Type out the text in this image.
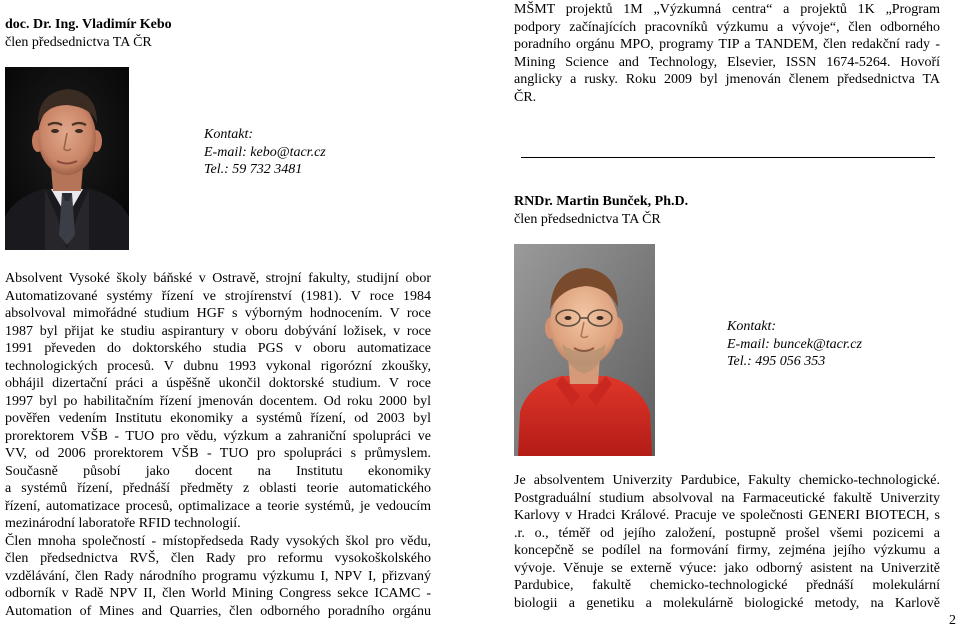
doc. Dr. Ing. Vladimír Kebo
člen předsednictva TA ČR
Kontakt:
E-mail: kebo@tacr.cz
Tel.: 59 732 3481
Absolvent Vysoké školy báňské v Ostravě, strojní fakulty, studijní obor
Automatizované systémy řízení ve strojírenství (1981). V roce 1984
absolvoval mimořádné studium HGF s výborným hodnocením. V roce
1987 byl přijat ke studiu aspirantury v oboru dobývání ložisek, v roce
1991 převeden do doktorského studia PGS v oboru automatizace
technologických procesů. V dubnu 1993 vykonal rigorózní zkoušky,
obhájil dizertační práci a úspěšně ukončil doktorské studium. V roce
1997 byl po habilitačním řízení jmenován docentem. Od roku 2000 byl
pověřen vedením Institutu ekonomiky a systémů řízení, od 2003 byl
prorektorem VŠB - TUO pro vědu, výzkum a zahraniční spolupráci ve
VV, od 2006 prorektorem VŠB - TUO pro spolupráci s průmyslem.
Současně působí jako docent na Institutu ekonomiky
a systémů řízení, přednáší předměty z oblasti teorie automatického
řízení, automatizace procesů, optimalizace a teorie systémů, je vedoucím
mezinárodní laboratoře RFID technologií.
Člen mnoha společností - místopředseda Rady vysokých škol pro vědu,
člen předsednictva RVŠ, člen Rady pro reformu vysokoškolského
vzdělávání, člen Rady národního programu výzkumu I, NPV I, přizvaný
odborník v Radě NPV II, člen World Mining Congress sekce ICAMC -
Automation of Mines and Quarries, člen odborného poradního orgánu
MŠMT projektů 1M „Výzkumná centra“ a projektů 1K „Program
podpory začínajících pracovníků výzkumu a vývoje“, člen odborného
poradního orgánu MPO, programy TIP a TANDEM, člen redakční rady -
Mining Science and Technology, Elsevier, ISSN 1674-5264. Hovoří
anglicky a rusky. Roku 2009 byl jmenován členem předsednictva TA
ČR.
RNDr. Martin Bunček, Ph.D.
člen předsednictva TA ČR
Kontakt:
E-mail: buncek@tacr.cz
Tel.: 495 056 353
Je absolventem Univerzity Pardubice, Fakulty chemicko-technologické.
Postgraduální studium absolvoval na Farmaceutické fakultě Univerzity
Karlovy v Hradci Králové. Pracuje ve společnosti GENERI BIOTECH, s
.r. o., téměř od jejího založení, postupně prošel všemi pozicemi a
koncepčně se podílel na formování firmy, zejména jejího výzkumu a
vývoje. Věnuje se externě výuce: jako odborný asistent na Univerzitě
Pardubice, fakultě chemicko-technologické přednáší molekulární
biologii a genetiku a molekulárně biologické metody, na Karlově
2
